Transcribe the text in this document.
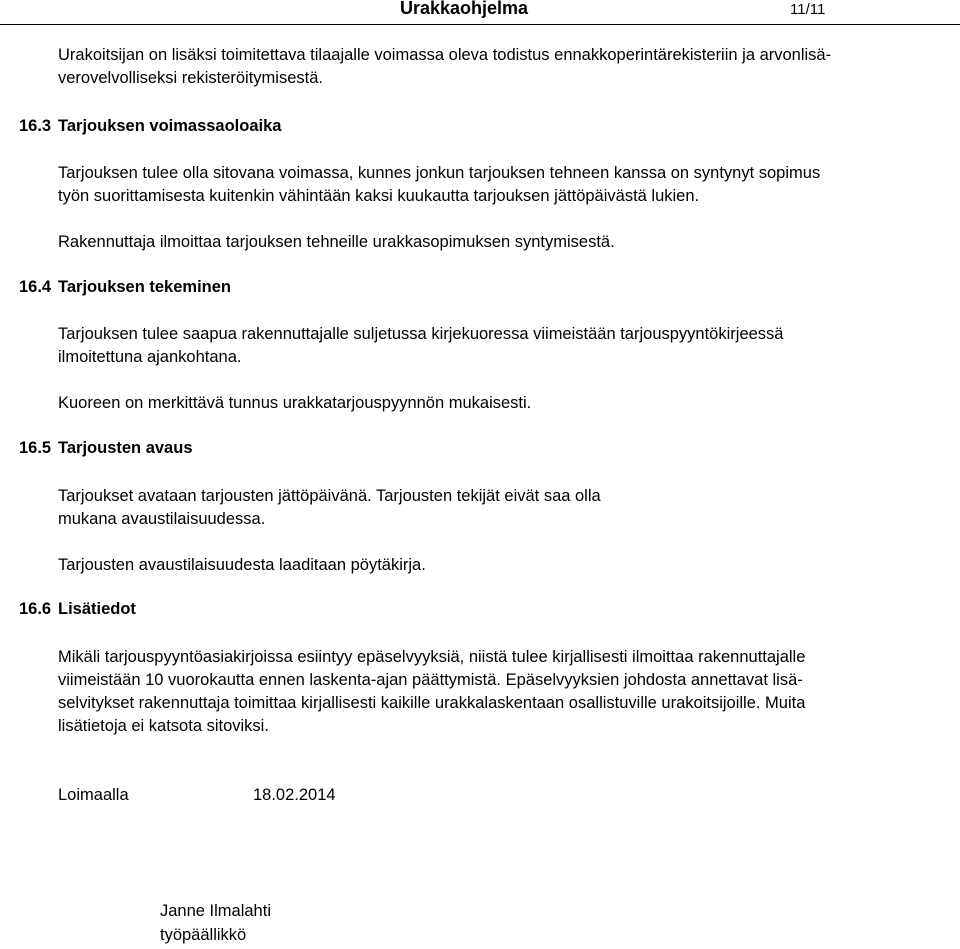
Urakkaohjelma	11/11
Urakoitsijan on lisäksi toimitettava tilaajalle voimassa oleva todistus ennakkoperintärekisteriin ja arvonlisä-
verovelvolliseksi rekisteröitymisestä.
16.3 Tarjouksen voimassaoloaika
Tarjouksen tulee olla sitovana voimassa, kunnes jonkun tarjouksen tehneen kanssa on syntynyt sopimus
työn suorittamisesta kuitenkin vähintään kaksi kuukautta tarjouksen jättöpäivästä lukien.
Rakennuttaja ilmoittaa tarjouksen tehneille urakkasopimuksen syntymisestä.
16.4 Tarjouksen tekeminen
Tarjouksen tulee saapua rakennuttajalle suljetussa kirjekuoressa viimeistään tarjouspyyntökirjeessä
ilmoitettuna ajankohtana.
Kuoreen on merkittävä tunnus urakkatarjouspyynnön mukaisesti.
16.5 Tarjousten avaus
Tarjoukset avataan tarjousten jättöpäivänä. Tarjousten tekijät eivät saa olla
mukana avaustilaisuudessa.
Tarjousten avaustilaisuudesta laaditaan pöytäkirja.
16.6 Lisätiedot
Mikäli tarjouspyyntöasiakirjoissa esiintyy epäselvyyksiä, niistä tulee kirjallisesti ilmoittaa rakennuttajalle
viimeistään 10 vuorokautta ennen laskenta-ajan päättymistä. Epäselvyyksien johdosta annettavat lisä-
selvitykset rakennuttaja toimittaa kirjallisesti kaikille urakkalaskentaan osallistuville urakoitsijoille. Muita
lisätietoja ei katsota sitoviksi.
Loimaalla	18.02.2014
Janne Ilmalahti
työpäällikkö
